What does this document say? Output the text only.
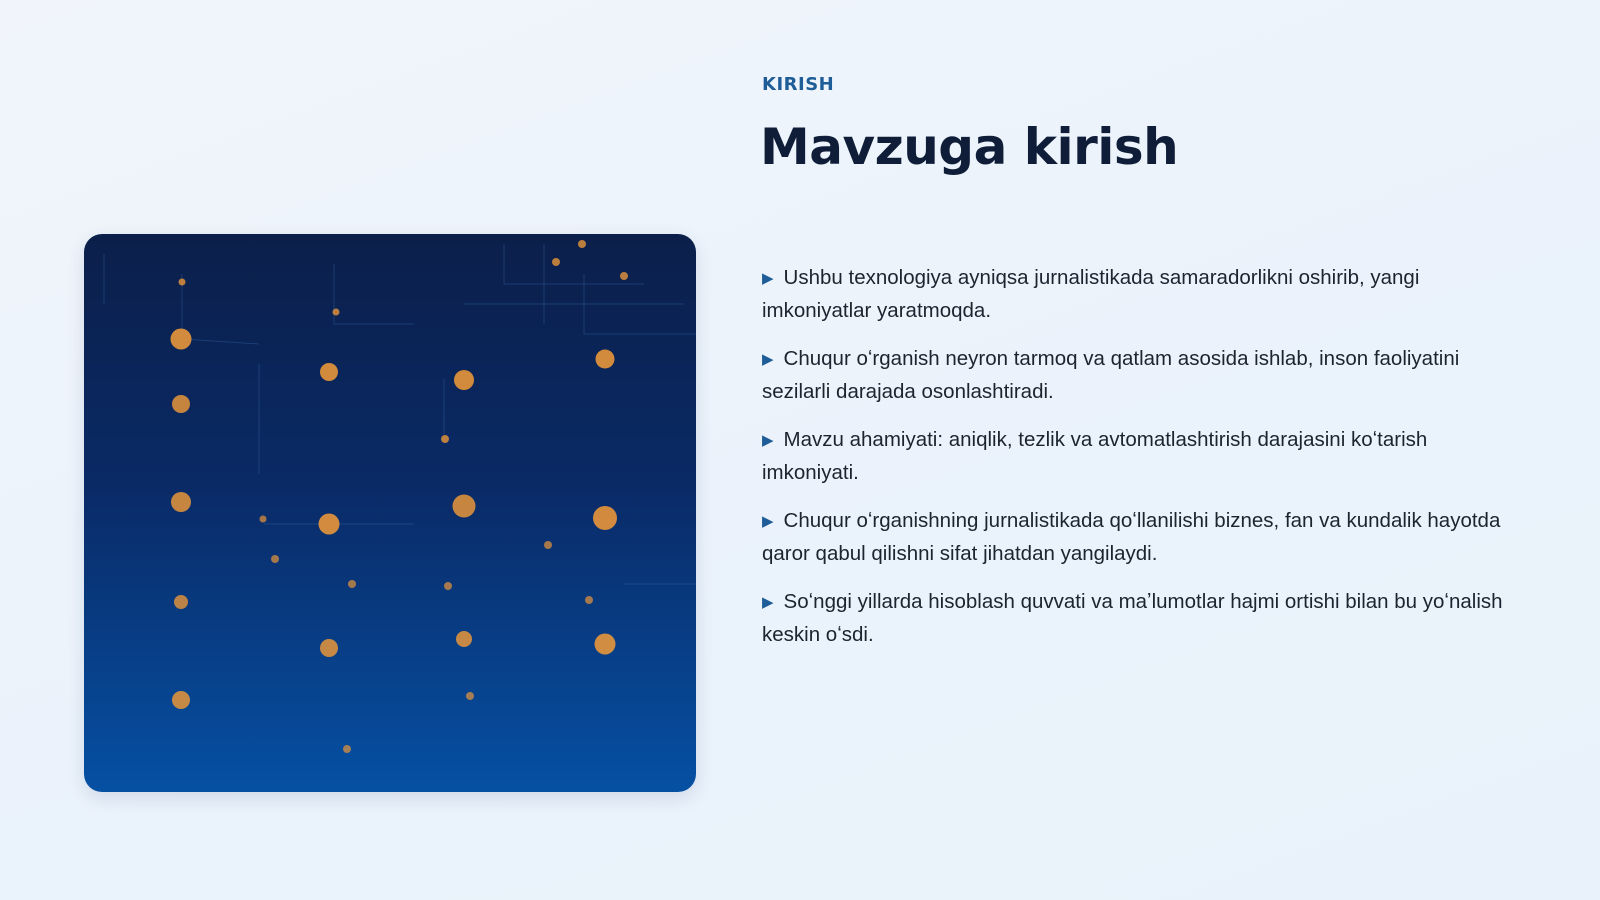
KIRISH
Mavzuga kirish
▶ Ushbu texnologiya ayniqsa jurnalistikada samaradorlikni oshirib, yangi imkoniyatlar yaratmoqda.
▶ Chuqur oʻrganish neyron tarmoq va qatlam asosida ishlab, inson faoliyatini sezilarli darajada osonlashtiradi.
▶ Mavzu ahamiyati: aniqlik, tezlik va avtomatlashtirish darajasini koʻtarish imkoniyati.
▶ Chuqur oʻrganishning jurnalistikada qoʻllanilishi biznes, fan va kundalik hayotda qaror qabul qilishni sifat jihatdan yangilaydi.
▶ Soʻnggi yillarda hisoblash quvvati va maʼlumotlar hajmi ortishi bilan bu yoʻnalish keskin oʻsdi.
